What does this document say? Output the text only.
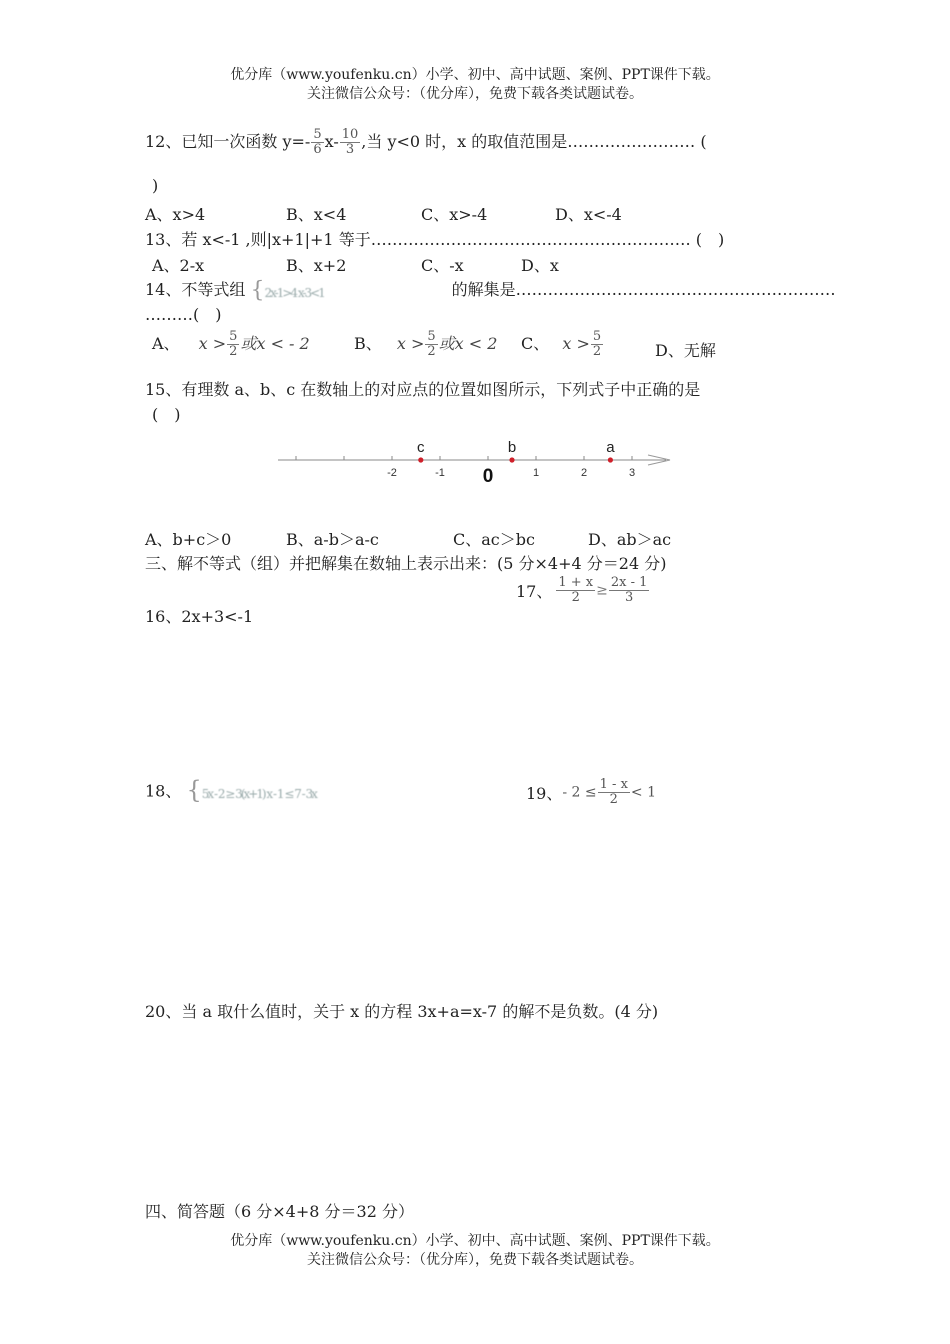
优分库（www.youfenku.cn）小学、初中、高中试题、案例、PPT课件下载。
关注微信公众号：（优分库），免费下载各类试题试卷。
12、已知一次函数 $y=- \frac{5}{6} x- \frac{10}{3}$ ,当 y<0 时，x 的取值范围是…………………… (
)
A、x>4	B、x<4	C、x>-4	D、x<-4
13、若 x<-1 ,则|x+1|+1 等于…………………………………………………… (　)
A、2-x	B、x+2	C、-x	D、x
14、不等式组 {2x-1>4 x-3<1	的解集是……………………………………………………
………(　)
A、 $x > \frac{5}{2}$ 或x < - 2	B、 $x > \frac{5}{2}$ 或x < 2 C、 $x > \frac{5}{2}$	D、无解
15、有理数 a、b、c 在数轴上的对应点的位置如图所示，下列式子中正确的是
(　)
-2	-1 0	1	2	3
c	b	a
A、b+c＞0	B、a-b＞a-c	C、ac＞bc	D、ab＞ac
三、解不等式（组）并把解集在数轴上表示出来：(5 分×4+4 分＝24 分)
16、2x+3<-1
17、 $\frac{1 + x}{2} \ge \frac{2x - 1}{3}$
18、 {5x - 2 ≥ 3(x+1) x - 1 ≤ 7 - 3x	19、- $2 \le \frac{1 - x}{2} < 1$
20、当 a 取什么值时，关于 x 的方程 3x+a=x-7 的解不是负数。(4 分)
四、简答题（6 分×4+8 分＝32 分）
优分库（www.youfenku.cn）小学、初中、高中试题、案例、PPT课件下载。
关注微信公众号：（优分库），免费下载各类试题试卷。
